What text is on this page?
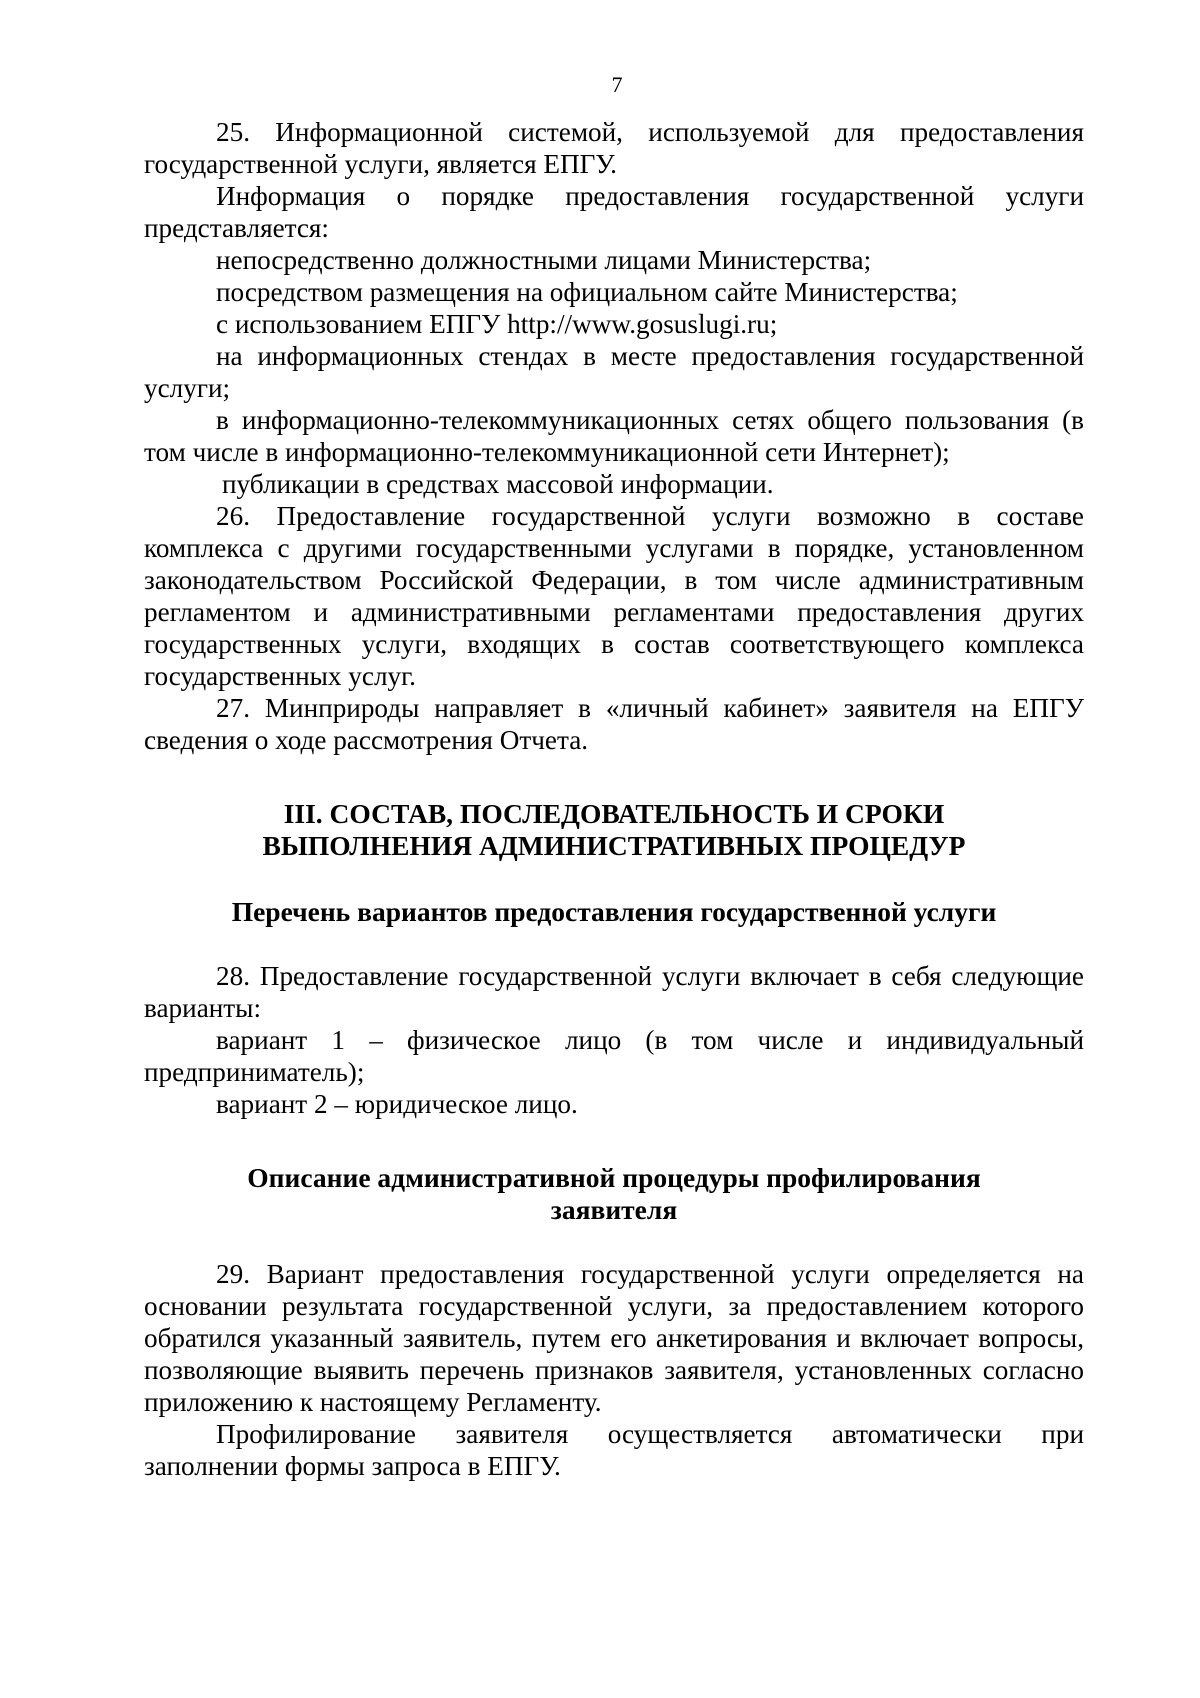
7

25. Информационной системой, используемой для предоставления государственной услуги, является ЕПГУ.

Информация о порядке предоставления государственной услуги представляется:

непосредственно должностными лицами Министерства;

посредством размещения на официальном сайте Министерства;

с использованием ЕПГУ http://www.gosuslugi.ru;

на информационных стендах в месте предоставления государственной услуги;

в информационно-телекоммуникационных сетях общего пользования (в том числе в информационно-телекоммуникационной сети Интернет);

публикации в средствах массовой информации.

26. Предоставление государственной услуги возможно в составе комплекса с другими государственными услугами в порядке, установленном законодательством Российской Федерации, в том числе административным регламентом и административными регламентами предоставления других государственных услуги, входящих в состав соответствующего комплекса государственных услуг.

27. Минприроды направляет в «личный кабинет» заявителя на ЕПГУ сведения о ходе рассмотрения Отчета.

III. СОСТАВ, ПОСЛЕДОВАТЕЛЬНОСТЬ И СРОКИ
ВЫПОЛНЕНИЯ АДМИНИСТРАТИВНЫХ ПРОЦЕДУР
Перечень вариантов предоставления государственной услуги

28. Предоставление государственной услуги включает в себя следующие варианты:

вариант 1 – физическое лицо (в том числе и индивидуальный предприниматель);

вариант 2 – юридическое лицо.

Описание административной процедуры профилирования
заявителя

29. Вариант предоставления государственной услуги определяется на основании результата государственной услуги, за предоставлением которого обратился указанный заявитель, путем его анкетирования и включает вопросы, позволяющие выявить перечень признаков заявителя, установленных согласно приложению к настоящему Регламенту.

Профилирование заявителя осуществляется автоматически при заполнении формы запроса в ЕПГУ.
